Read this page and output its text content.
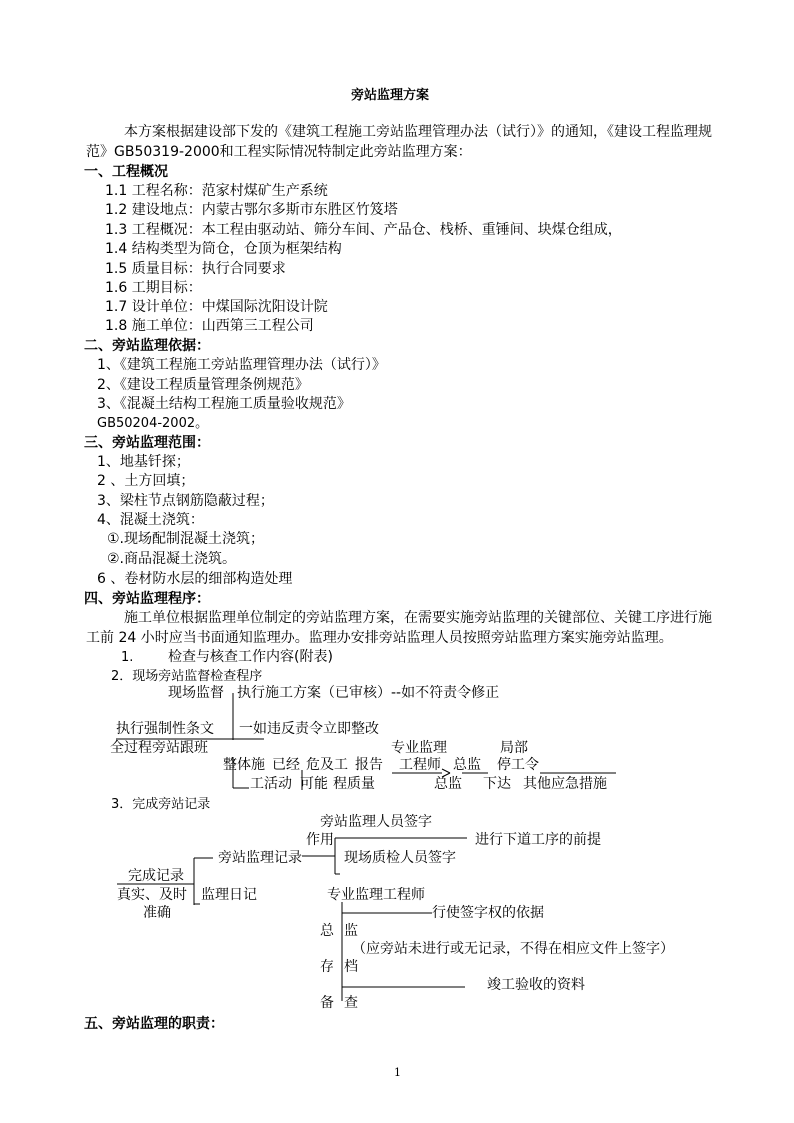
旁站监理方案
本方案根据建设部下发的《建筑工程施工旁站监理管理办法（试行）》的通知，《建设工程监理规
范》GB50319-2000和工程实际情况特制定此旁站监理方案：
一、工程概况
1.1 工程名称：范家村煤矿生产系统
1.2 建设地点：内蒙古鄂尔多斯市东胜区竹笈塔
1.3 工程概况：本工程由驱动站、筛分车间、产品仓、栈桥、重锤间、块煤仓组成，
1.4 结构类型为筒仓，仓顶为框架结构
1.5 质量目标：执行合同要求
1.6 工期目标：
1.7 设计单位：中煤国际沈阳设计院
1.8 施工单位：山西第三工程公司
二、旁站监理依据：
1、《建筑工程施工旁站监理管理办法（试行）》
2、《建设工程质量管理条例规范》
3、《混凝土结构工程施工质量验收规范》
GB50204-2002。
三、旁站监理范围：
1、地基钎探；
2 、土方回填；
3、梁柱节点钢筋隐蔽过程；
4、混凝土浇筑：
①.现场配制混凝土浇筑；
②.商品混凝土浇筑。
6 、卷材防水层的细部构造处理
四、旁站监理程序：
施工单位根据监理单位制定的旁站监理方案，在需要实施旁站监理的关键部位、关键工序进行施
工前 24 小时应当书面通知监理办。监理办安排旁站监理人员按照旁站监理方案实施旁站监理。
1. 检查与核查工作内容(附表)
2．现场旁站监督检查程序
现场监督 执行施工方案（已审核）--如不符责令修正
执行强制性条文 一如违反责令立即整改
全过程旁站跟班	专业监理	局部
整体施 已经 危及工 报告 工程师 总监 停工令
工活动 可能 程质量	总监 下达 其他应急措施
3．完成旁站记录
旁站监理人员签字
作用	进行下道工序的前提
旁站监理记录	现场质检人员签字
完成记录
真实、及时 监理日记	专业监理工程师
准确	行使签字权的依据
总 监
（应旁站未进行或无记录，不得在相应文件上签字）
存 档
竣工验收的资料
备 查
五、旁站监理的职责：
1
